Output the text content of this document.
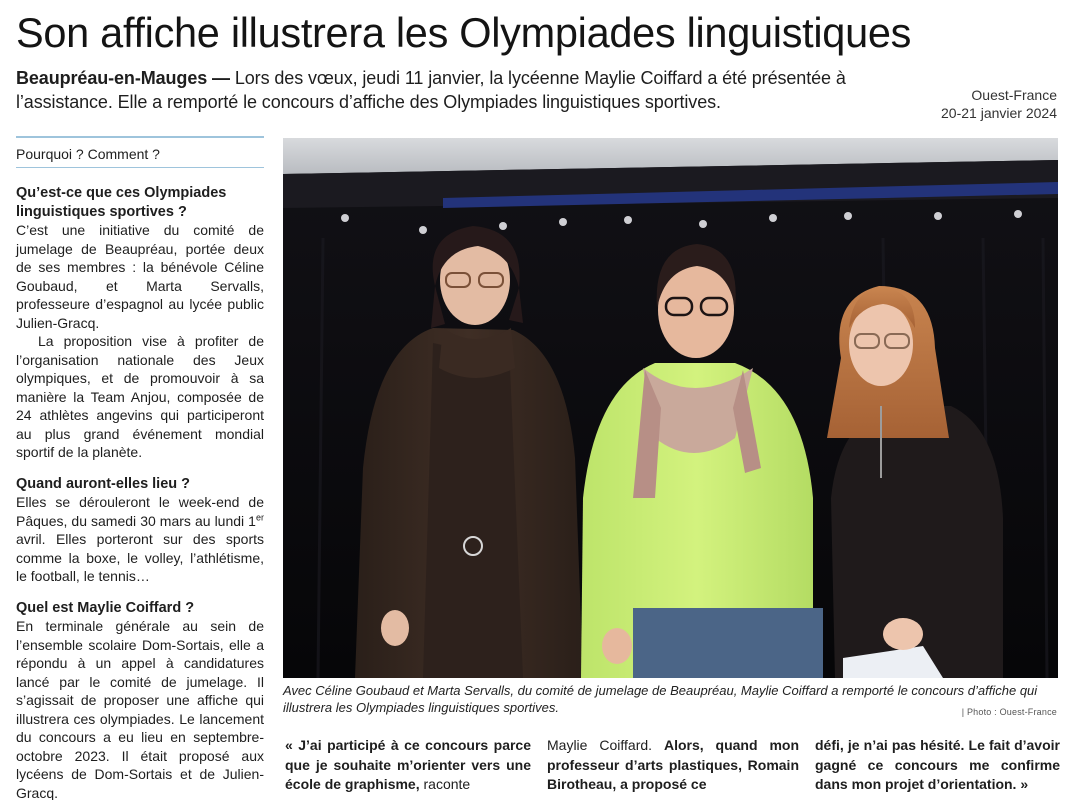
Son affiche illustrera les Olympiades linguistiques
Beaupréau-en-Mauges — Lors des vœux, jeudi 11 janvier, la lycéenne Maylie Coiffard a été présentée à l’assistance. Elle a remporté le concours d’affiche des Olympiades linguistiques sportives.	Ouest-France
20-21 janvier 2024
Pourquoi ? Comment ?
Qu’est-ce que ces Olympiades linguistiques sportives ?

C’est une initiative du comité de jumelage de Beaupréau, portée deux de ses membres : la bénévole Céline Goubaud, et Marta Servalls, professeure d’espagnol au lycée public Julien-Gracq.

La proposition vise à profiter de l’organisation nationale des Jeux olympiques, et de promouvoir à sa manière la Team Anjou, composée de 24 athlètes angevins qui participeront au plus grand événement mondial sportif de la planète.

Quand auront-elles lieu ?

Elles se dérouleront le week-end de Pâques, du samedi 30 mars au lundi 1er avril. Elles porteront sur des sports comme la boxe, le volley, l’athlétisme, le football, le tennis…

Quel est Maylie Coiffard ?

En terminale générale au sein de l’ensemble scolaire Dom-Sortais, elle a répondu à un appel à candidatures lancé par le comité de jumelage. Il s’agissait de proposer une affiche qui illustrera ces olympiades. Le lancement du concours a eu lieu en septembre-octobre 2023. Il était proposé aux lycéens de Dom-Sortais et de Julien-Gracq.

Avec Céline Goubaud et Marta Servalls, du comité de jumelage de Beaupréau, Maylie Coiffard a remporté le concours d’affiche qui illustrera les Olympiades linguistiques sportives.	| Photo : Ouest-France
« J’ai participé à ce concours parce que je souhaite m’orienter vers une école de graphisme, raconte
Maylie Coiffard. Alors, quand mon professeur d’arts plastiques, Romain Birotheau, a proposé ce
défi, je n’ai pas hésité. Le fait d’avoir gagné ce concours me confirme dans mon projet d’orientation. »
